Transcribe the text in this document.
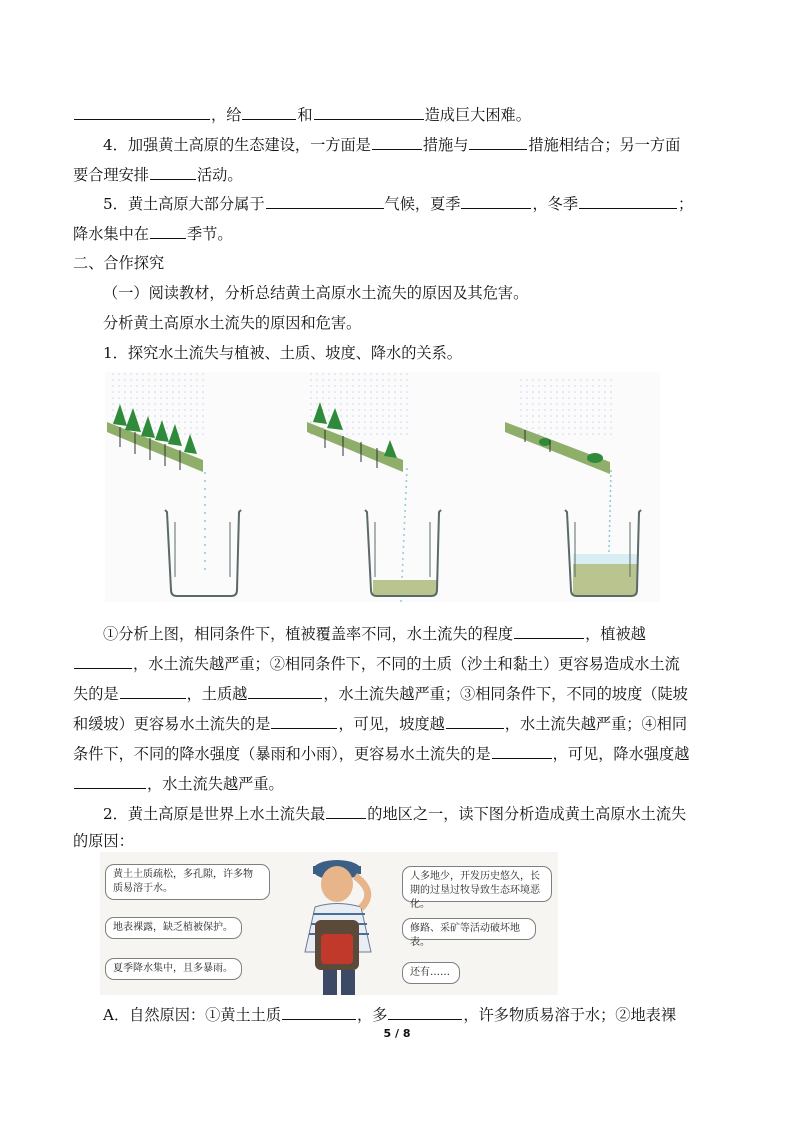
，给	和	造成巨大困难。
4．加强黄土高原的生态建设，一方面是	措施与	措施相结合；另一方面
要合理安排	活动。
5．黄土高原大部分属于	气候，夏季	，冬季	；
降水集中在	季节。
二、合作探究
（一）阅读教材，分析总结黄土高原水土流失的原因及其危害。
分析黄土高原水土流失的原因和危害。
1．探究水土流失与植被、土质、坡度、降水的关系。
①分析上图，相同条件下，植被覆盖率不同，水土流失的程度	，植被越
，水土流失越严重；②相同条件下，不同的土质（沙土和黏土）更容易造成水土流
失的是	，土质越	，水土流失越严重；③相同条件下，不同的坡度（陡坡
和缓坡）更容易水土流失的是	，可见，坡度越	，水土流失越严重；④相同
条件下，不同的降水强度（暴雨和小雨），更容易水土流失的是	，可见，降水强度越
，水土流失越严重。
2．黄土高原是世界上水土流失最	的地区之一，读下图分析造成黄土高原水土流失
的原因：
黄土土质疏松，多孔隙，许多物质易溶于水。
地表裸露，缺乏植被保护。
夏季降水集中，且多暴雨。
人多地少，开发历史悠久，长期的过垦过牧导致生态环境恶化。
修路、采矿等活动破坏地表。
还有……
A．自然原因：①黄土土质	，多	，许多物质易溶于水；②地表裸
5 / 8
